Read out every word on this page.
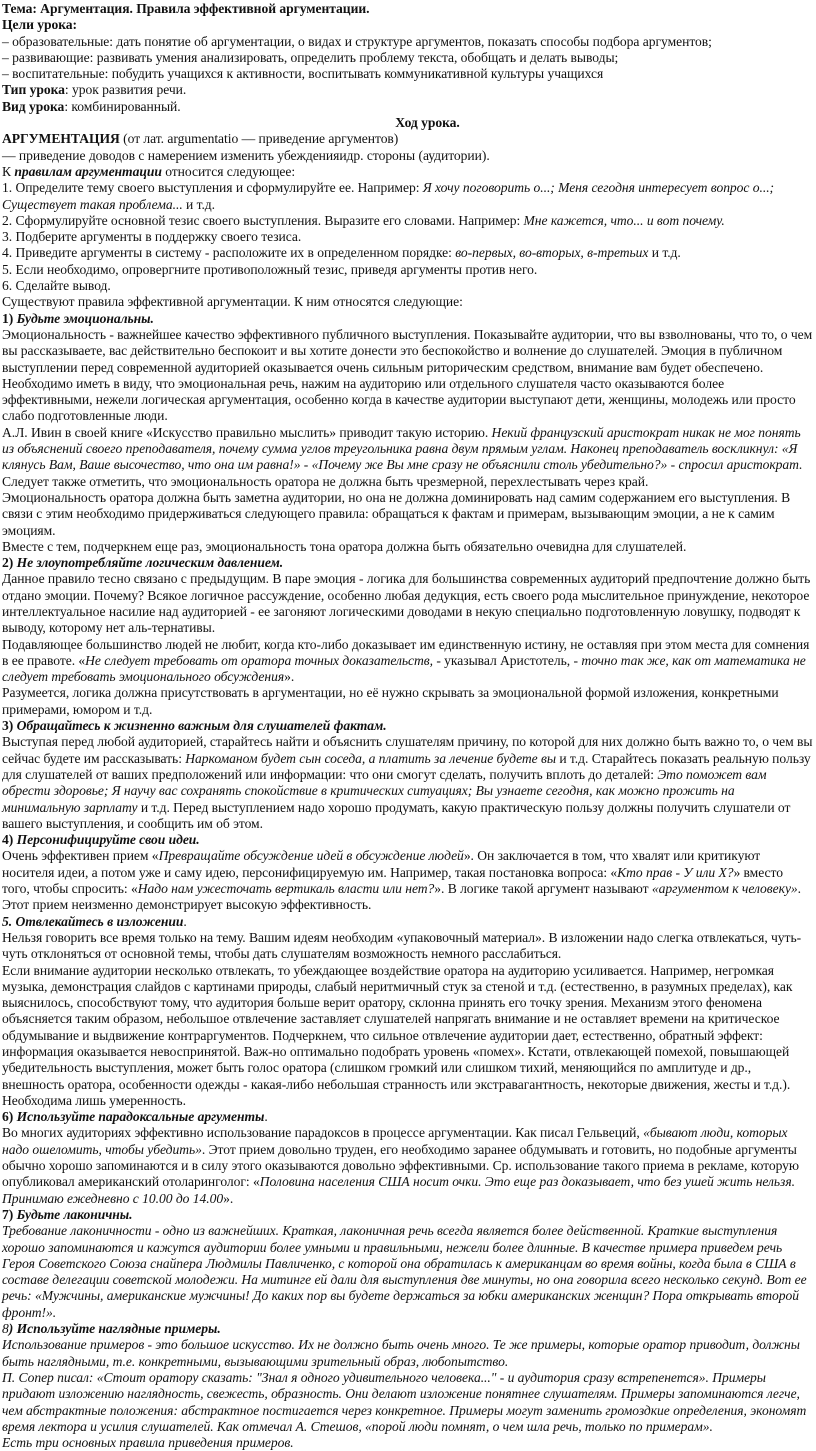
Тема: Аргументация. Правила эффективной аргументации.
Цели урока:
– образовательные: дать понятие об аргументации, о видах и структуре аргументов, показать способы подбора аргументов;
– развивающие: развивать умения анализировать, определить проблему текста, обобщать и делать выводы;
– воспитательные: побудить учащихся к активности, воспитывать коммуникативной культуры учащихся
Тип урока: урок развития речи.
Вид урока: комбинированный.
Ход урока.
АРГУМЕНТАЦИЯ (от лат. argumentatio — приведение аргументов)
— приведение доводов с намерением изменить убежденияидр. стороны (аудитории).
К правилам аргументации относится следующее:
1. Определите тему своего выступления и сформулируйте ее. Например: Я хочу поговорить о...; Меня сегодня интересует вопрос о...; Существует такая проблема... и т.д.
2. Сформулируйте основной тезис своего выступления. Выразите его словами. Например: Мне кажется, что... и вот почему.
3. Подберите аргументы в поддержку своего тезиса.
4. Приведите аргументы в систему - расположите их в определенном порядке: во-первых, во-вторых, в-третьих и т.д.
5. Если необходимо, опровергните противоположный тезис, приведя аргументы против него.
6. Сделайте вывод.
Существуют правила эффективной аргументации. К ним относятся следующие:
1) Будьте эмоциональны.
Эмоциональность - важнейшее качество эффективного публичного выступления. Показывайте аудитории, что вы взволнованы, что то, о чем вы рассказываете, вас действительно беспокоит и вы хотите донести это беспокойство и волнение до слушателей. Эмоция в публичном выступлении перед современной аудиторией оказывается очень сильным риторическим средством, внимание вам будет обеспечено.
Необходимо иметь в виду, что эмоциональная речь, нажим на аудиторию или отдельного слушателя часто оказываются более эффективными, нежели логическая аргументация, особенно когда в качестве аудитории выступают дети, женщины, молодежь или просто слабо подготовленные люди.
А.Л. Ивин в своей книге «Искусство правильно мыслить» приводит такую историю. Некий французский аристократ никак не мог понять из объяснений своего преподавателя, почему сумма углов треугольника равна двум прямым углам. Наконец преподаватель воскликнул: «Я клянусь Вам, Ваше высочество, что она им равна!» - «Почему же Вы мне сразу не объяснили столь убедительно?» - спросил аристократ.
Следует также отметить, что эмоциональность оратора не должна быть чрезмерной, перехлестывать через край.
Эмоциональность оратора должна быть заметна аудитории, но она не должна доминировать над самим содержанием его выступления. В связи с этим необходимо придерживаться следующего правила: обращаться к фактам и примерам, вызывающим эмоции, а не к самим эмоциям.
Вместе с тем, подчеркнем еще раз, эмоциональность тона оратора должна быть обязательно очевидна для слушателей.
2) Не злоупотребляйте логическим давлением.
Данное правило тесно связано с предыдущим. В паре эмоция - логика для большинства современных аудиторий предпочтение должно быть отдано эмоции. Почему? Всякое логичное рассуждение, особенно любая дедукция, есть своего рода мыслительное принуждение, некоторое интеллектуальное насилие над аудиторией - ее загоняют логическими доводами в некую специально подготовленную ловушку, подводят к выводу, которому нет аль-тернативы.
Подавляющее большинство людей не любит, когда кто-либо доказывает им единственную истину, не оставляя при этом места для сомнения в ее правоте. «Не следует требовать от оратора точных доказательств, - указывал Аристотель, - точно так же, как от математика не следует требовать эмоционального обсуждения».
Разумеется, логика должна присутствовать в аргументации, но её нужно скрывать за эмоциональной формой изложения, конкретными примерами, юмором и т.д.
3) Обращайтесь к жизненно важным для слушателей фактам.
Выступая перед любой аудиторией, старайтесь найти и объяснить слушателям причину, по которой для них должно быть важно то, о чем вы сейчас будете им рассказывать: Наркоманом будет сын соседа, а платить за лечение будете вы и т.д. Старайтесь показать реальную пользу для слушателей от ваших предположений или информации: что они смогут сделать, получить вплоть до деталей: Это поможет вам обрести здоровье; Я научу вас сохранять спокойствие в критических ситуациях; Вы узнаете сегодня, как можно прожить на минимальную зарплату и т.д. Перед выступлением надо хорошо продумать, какую практическую пользу должны получить слушатели от вашего выступления, и сообщить им об этом.
4) Персонифицируйте свои идеи.
Очень эффективен прием «Превращайте обсуждение идей в обсуждение людей». Он заключается в том, что хвалят или критикуют носителя идеи, а потом уже и саму идею, персонифицируемую им. Например, такая постановка вопроса: «Кто прав - У или Х?» вместо того, чтобы спросить: «Надо нам ужесточать вертикаль власти или нет?». В логике такой аргумент называют «аргументом к человеку». Этот прием неизменно демонстрирует высокую эффективность.
5. Отвлекайтесь в изложении.
Нельзя говорить все время только на тему. Вашим идеям необходим «упаковочный материал». В изложении надо слегка отвлекаться, чуть-чуть отклоняться от основной темы, чтобы дать слушателям возможность немного расслабиться.
Если внимание аудитории несколько отвлекать, то убеждающее воздействие оратора на аудиторию усиливается. Например, негромкая музыка, демонстрация слайдов с картинами природы, слабый неритмичный стук за стеной и т.д. (естественно, в разумных пределах), как выяснилось, способствуют тому, что аудитория больше верит оратору, склонна принять его точку зрения. Механизм этого феномена объясняется таким образом, небольшое отвлечение заставляет слушателей напрягать внимание и не оставляет времени на критическое обдумывание и выдвижение контраргументов. Подчеркнем, что сильное отвлечение аудитории дает, естественно, обратный эффект: информация оказывается невоспринятой. Важ-но оптимально подобрать уровень «помех». Кстати, отвлекающей помехой, повышающей убедительность выступления, может быть голос оратора (слишком громкий или слишком тихий, меняющийся по амплитуде и др., внешность оратора, особенности одежды - какая-либо небольшая странность или экстравагантность, некоторые движения, жесты и т.д.). Необходима лишь умеренность.
6) Используйте парадоксальные аргументы.
Во многих аудиториях эффективно использование парадоксов в процессе аргументации. Как писал Гельвеций, «бывают люди, которых надо ошеломить, чтобы убедить». Этот прием довольно труден, его необходимо заранее обдумывать и готовить, но подобные аргументы обычно хорошо запоминаются и в силу этого оказываются довольно эффективными. Ср. использование такого приема в рекламе, которую опубликовал американский отоларинголог: «Половина населения США носит очки. Это еще раз доказывает, что без ушей жить нельзя. Принимаю ежедневно с 10.00 до 14.00».
7) Будьте лаконичны.
Требование лаконичности - одно из важнейших. Краткая, лаконичная речь всегда является более действенной. Краткие выступления хорошо запоминаются и кажутся аудитории более умными и правильными, нежели более длинные. В качестве примера приведем речь Героя Советского Союза снайпера Людмилы Павличенко, с которой она обратилась к американцам во время войны, когда была в США в составе делегации советской молодежи. На митинге ей дали для выступления две минуты, но она говорила всего несколько секунд. Вот ее речь: «Мужчины, американские мужчины! До каких пор вы будете держаться за юбки американских женщин? Пора открывать второй фронт!».
8) Используйте наглядные примеры.
Использование примеров - это большое искусство. Их не должно быть очень много. Те же примеры, которые оратор приводит, должны быть наглядными, т.е. конкретными, вызывающими зрительный образ, любопытство.
П. Сопер писал: «Стоит оратору сказать: "Знал я одного удивительного человека..." - и аудитория сразу встрепенется». Примеры придают изложению наглядность, свежесть, образность. Они делают изложение понятнее слушателям. Примеры запоминаются легче, чем абстрактные положения: абстрактное постигается через конкретное. Примеры могут заменить громоздкие определения, экономят время лектора и усилия слушателей. Как отмечал А. Стешов, «порой люди помнят, о чем шла речь, только по примерам».
Есть три основных правила приведения примеров.
